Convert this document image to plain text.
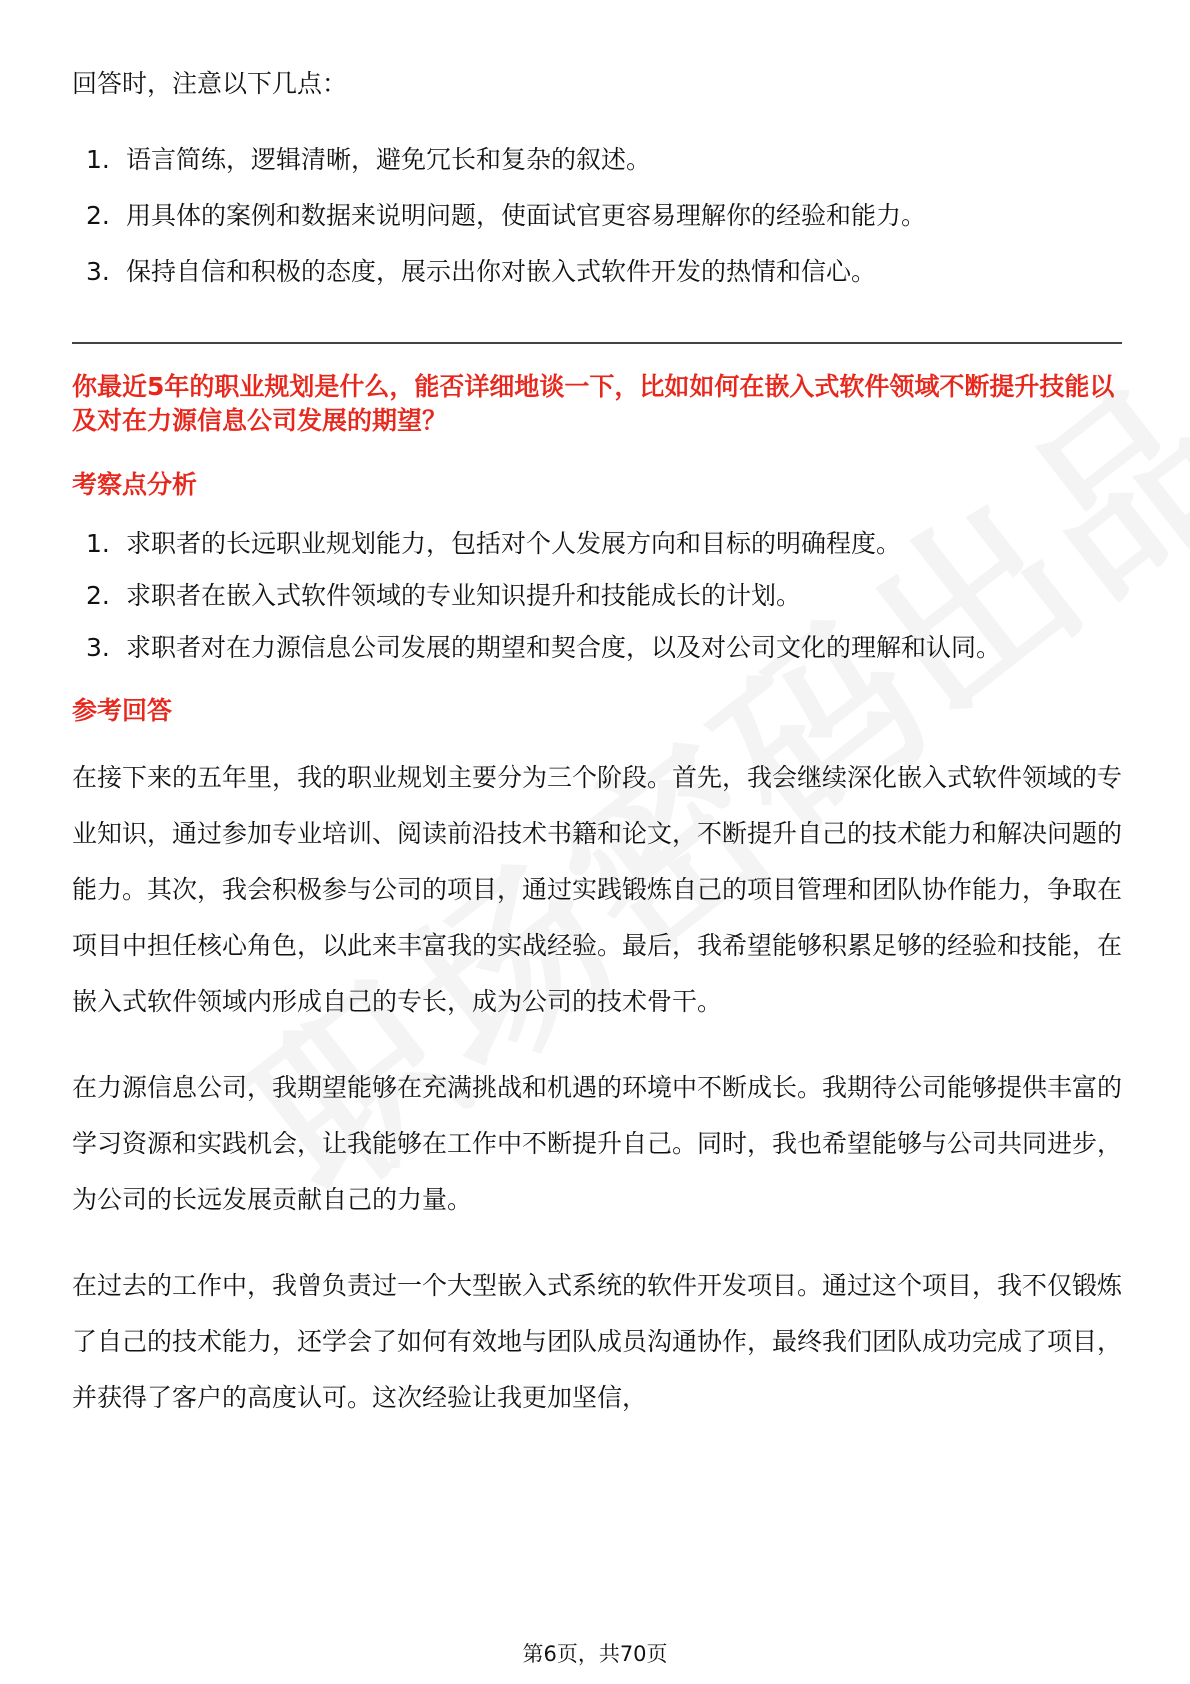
回答时，注意以下几点：

1. 语言简练，逻辑清晰，避免冗长和复杂的叙述。
2. 用具体的案例和数据来说明问题，使面试官更容易理解你的经验和能力。
3. 保持自信和积极的态度，展示出你对嵌入式软件开发的热情和信心。
你最近5年的职业规划是什么，能否详细地谈一下，比如如何在嵌入式软件领域不断提升技能以及对在力源信息公司发展的期望？
考察点分析
1. 求职者的长远职业规划能力，包括对个人发展方向和目标的明确程度。
2. 求职者在嵌入式软件领域的专业知识提升和技能成长的计划。
3. 求职者对在力源信息公司发展的期望和契合度，以及对公司文化的理解和认同。
参考回答

在接下来的五年里，我的职业规划主要分为三个阶段。首先，我会继续深化嵌入式软件领域的专业知识，通过参加专业培训、阅读前沿技术书籍和论文，不断提升自己的技术能力和解决问题的能力。其次，我会积极参与公司的项目，通过实践锻炼自己的项目管理和团队协作能力，争取在项目中担任核心角色，以此来丰富我的实战经验。最后，我希望能够积累足够的经验和技能，在嵌入式软件领域内形成自己的专长，成为公司的技术骨干。

在力源信息公司，我期望能够在充满挑战和机遇的环境中不断成长。我期待公司能够提供丰富的学习资源和实践机会，让我能够在工作中不断提升自己。同时，我也希望能够与公司共同进步，为公司的长远发展贡献自己的力量。

在过去的工作中，我曾负责过一个大型嵌入式系统的软件开发项目。通过这个项目，我不仅锻炼了自己的技术能力，还学会了如何有效地与团队成员沟通协作，最终我们团队成功完成了项目，并获得了客户的高度认可。这次经验让我更加坚信，

第6页，共70页
